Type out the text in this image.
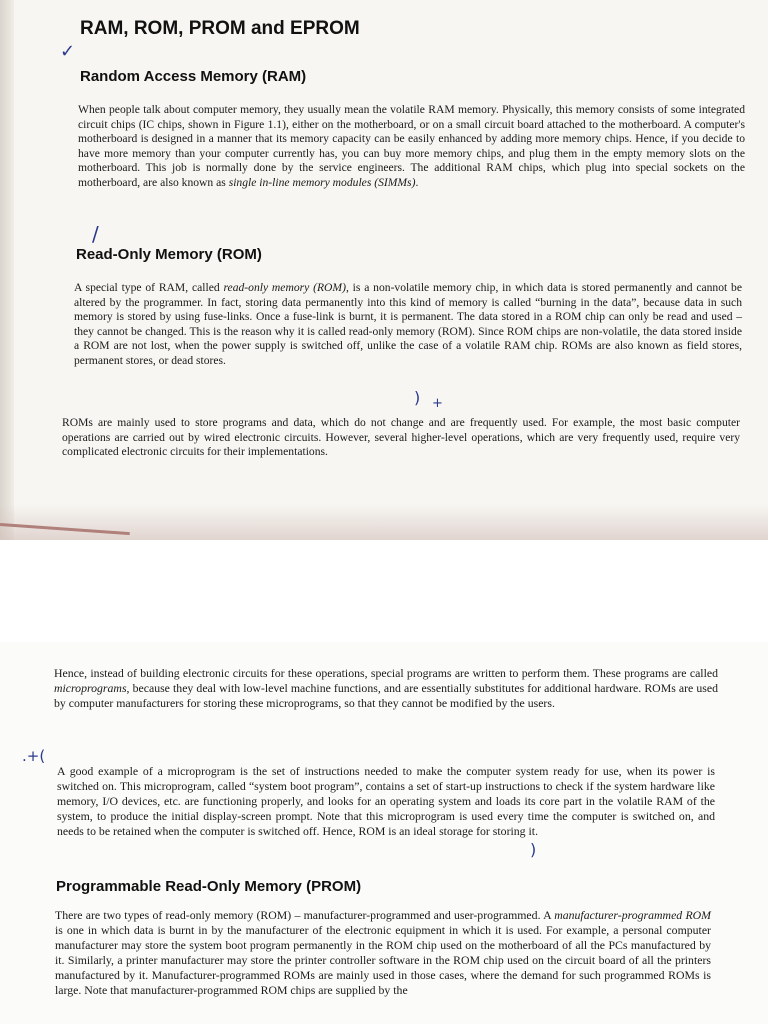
RAM, ROM, PROM and EPROM
✓
Random Access Memory (RAM)

When people talk about computer memory, they usually mean the volatile RAM memory. Physically, this memory consists of some integrated circuit chips (IC chips, shown in Figure 1.1), either on the motherboard, or on a small circuit board attached to the motherboard. A computer's motherboard is designed in a manner that its memory capacity can be easily enhanced by adding more memory chips. Hence, if you decide to have more memory than your computer currently has, you can buy more memory chips, and plug them in the empty memory slots on the motherboard. This job is normally done by the service engineers. The additional RAM chips, which plug into special sockets on the motherboard, are also known as single in-line memory modules (SIMMs).

Read-Only Memory (ROM)
/

A special type of RAM, called read-only memory (ROM), is a non-volatile memory chip, in which data is stored permanently and cannot be altered by the programmer. In fact, storing data permanently into this kind of memory is called “burning in the data”, because data in such memory is stored by using fuse-links. Once a fuse-link is burnt, it is permanent. The data stored in a ROM chip can only be read and used – they cannot be changed. This is the reason why it is called read-only memory (ROM). Since ROM chips are non-volatile, the data stored inside a ROM are not lost, when the power supply is switched off, unlike the case of a volatile RAM chip. ROMs are also known as field stores, permanent stores, or dead stores.

) +

ROMs are mainly used to store programs and data, which do not change and are frequently used. For example, the most basic computer operations are carried out by wired electronic circuits. However, several higher-level operations, which are very frequently used, require very complicated electronic circuits for their implementations.

Hence, instead of building electronic circuits for these operations, special programs are written to perform them. These programs are called microprograms, because they deal with low-level machine functions, and are essentially substitutes for additional hardware. ROMs are used by computer manufacturers for storing these microprograms, so that they cannot be modified by the users.

.+(

A good example of a microprogram is the set of instructions needed to make the computer system ready for use, when its power is switched on. This microprogram, called “system boot program”, contains a set of start-up instructions to check if the system hardware like memory, I/O devices, etc. are functioning properly, and looks for an operating system and loads its core part in the volatile RAM of the system, to produce the initial display-screen prompt. Note that this microprogram is used every time the computer is switched on, and needs to be retained when the computer is switched off. Hence, ROM is an ideal storage for storing it.

)
Programmable Read-Only Memory (PROM)

There are two types of read-only memory (ROM) – manufacturer-programmed and user-programmed. A manufacturer-programmed ROM is one in which data is burnt in by the manufacturer of the electronic equipment in which it is used. For example, a personal computer manufacturer may store the system boot program permanently in the ROM chip used on the motherboard of all the PCs manufactured by it. Similarly, a printer manufacturer may store the printer controller software in the ROM chip used on the circuit board of all the printers manufactured by it. Manufacturer-programmed ROMs are mainly used in those cases, where the demand for such programmed ROMs is large. Note that manufacturer-programmed ROM chips are supplied by the
